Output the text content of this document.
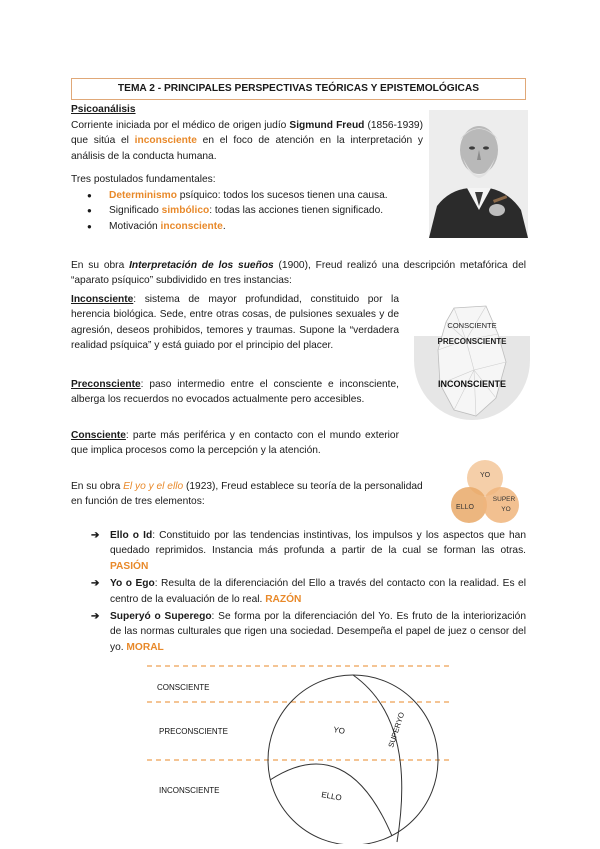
TEMA 2 - PRINCIPALES PERSPECTIVAS TEÓRICAS Y EPISTEMOLÓGICAS
Psicoanálisis
Corriente iniciada por el médico de origen judío Sigmund Freud (1856-1939) que sitúa el inconsciente en el foco de atención en la interpretación y análisis de la conducta humana.
Tres postulados fundamentales:
● Determinismo psíquico: todos los sucesos tienen una causa.
● Significado simbólico: todas las acciones tienen significado.
● Motivación inconsciente.
En su obra Interpretación de los sueños (1900), Freud realizó una descripción metafórica del “aparato psíquico” subdividido en tres instancias:
Inconsciente: sistema de mayor profundidad, constituido por la herencia biológica. Sede, entre otras cosas, de pulsiones sexuales y de agresión, deseos prohibidos, temores y traumas. Supone la “verdadera realidad psíquica” y está guiado por el principio del placer.
Preconsciente: paso intermedio entre el consciente e inconsciente, alberga los recuerdos no evocados actualmente pero accesibles.
Consciente: parte más periférica y en contacto con el mundo exterior que implica procesos como la percepción y la atención.
CONSCIENTE
PRECONSCIENTE
INCONSCIENTE
En su obra El yo y el ello (1923), Freud establece su teoría de la personalidad en función de tres elementos:
YO
ELLO
SUPER
YO
➔ Ello o Id: Constituido por las tendencias instintivas, los impulsos y los aspectos que han quedado reprimidos. Instancia más profunda a partir de la cual se forman las otras. PASIÓN
➔ Yo o Ego: Resulta de la diferenciación del Ello a través del contacto con la realidad. Es el centro de la evaluación de lo real. RAZÓN
➔ Superyó o Superego: Se forma por la diferenciación del Yo. Es fruto de la interiorización de las normas culturales que rigen una sociedad. Desempeña el papel de juez o censor del yo. MORAL
CONSCIENTE
PRECONSCIENTE
INCONSCIENTE
YO
ELLO
SUPERYO
